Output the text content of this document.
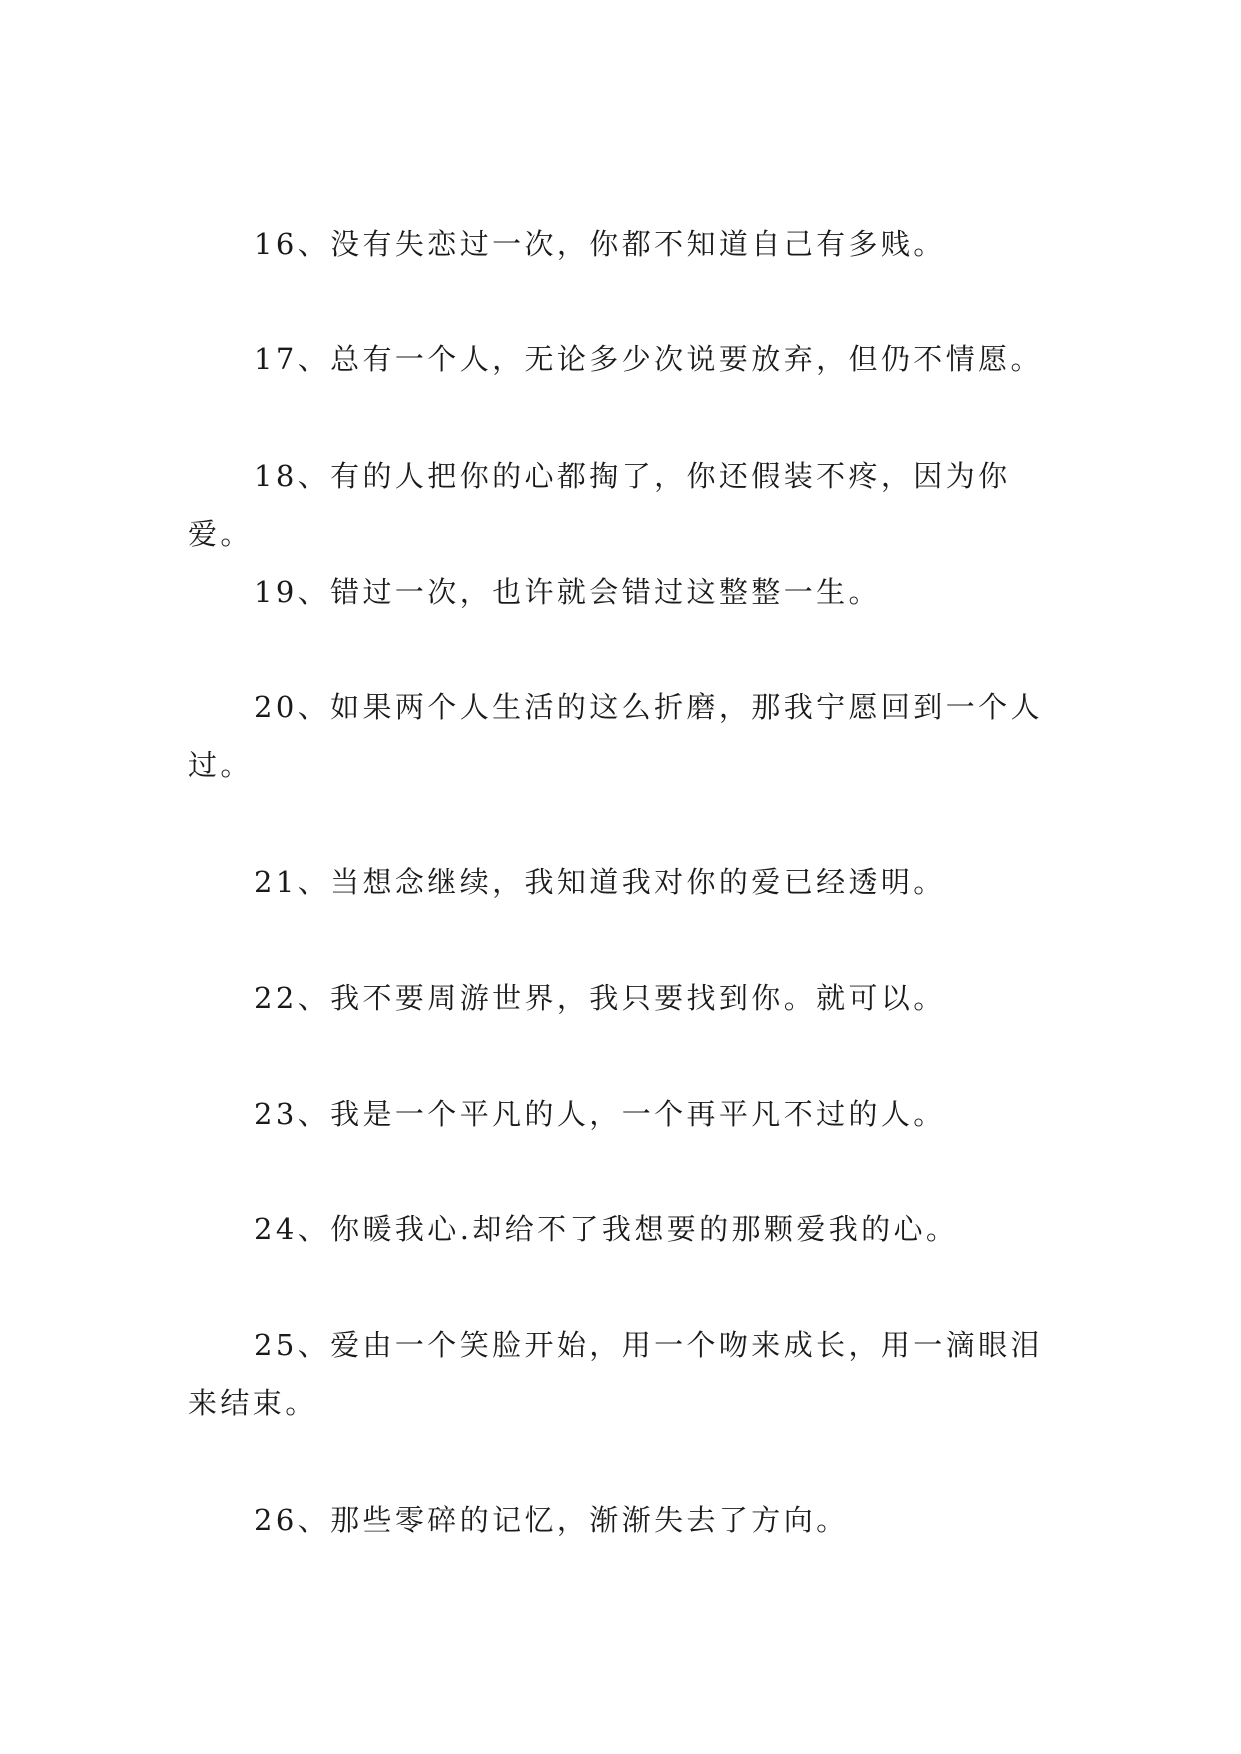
16、没有失恋过一次，你都不知道自己有多贱。

17、总有一个人，无论多少次说要放弃，但仍不情愿。

18、有的人把你的心都掏了，你还假装不疼，因为你爱。

19、错过一次，也许就会错过这整整一生。

20、如果两个人生活的这么折磨，那我宁愿回到一个人过。

21、当想念继续，我知道我对你的爱已经透明。

22、我不要周游世界，我只要找到你。就可以。

23、我是一个平凡的人，一个再平凡不过的人。

24、你暖我心.却给不了我想要的那颗爱我的心。

25、爱由一个笑脸开始，用一个吻来成长，用一滴眼泪来结束。

26、那些零碎的记忆，渐渐失去了方向。
